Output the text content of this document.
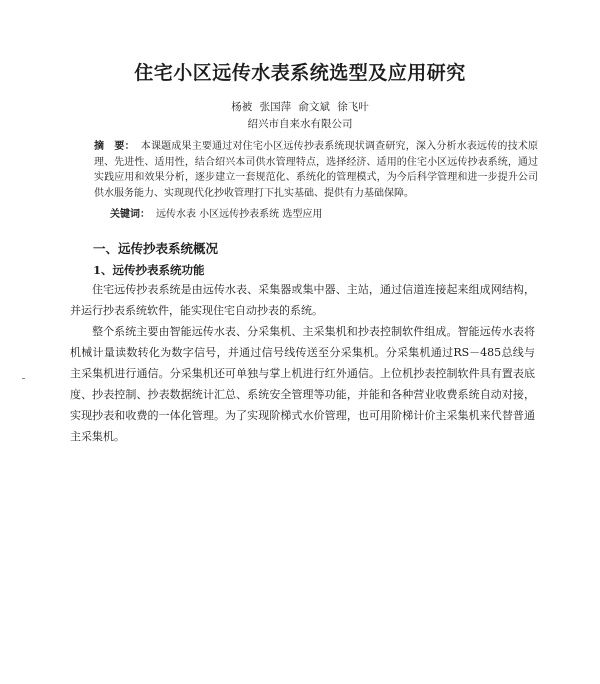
住宅小区远传水表系统选型及应用研究
杨被 张国萍 俞文斌 徐飞叶
绍兴市自来水有限公司

摘　要： 本课题成果主要通过对住宅小区远传抄表系统现状调查研究，深入分析水表远传的技术原理、先进性、适用性，结合绍兴本司供水管理特点，选择经济、适用的住宅小区远传抄表系统，通过实践应用和效果分析，逐步建立一套规范化、系统化的管理模式，为今后科学管理和进一步提升公司供水服务能力、实现现代化抄收管理打下扎实基础、提供有力基础保障。

关键词： 远传水表 小区远传抄表系统 选型应用

一、远传抄表系统概况
1、远传抄表系统功能

住宅远传抄表系统是由远传水表、采集器或集中器、主站，通过信道连接起来组成网结构，并运行抄表系统软件，能实现住宅自动抄表的系统。

整个系统主要由智能远传水表、分采集机、主采集机和抄表控制软件组成。智能远传水表将机械计量读数转化为数字信号，并通过信号线传送至分采集机。分采集机通过RS－485总线与主采集机进行通信。分采集机还可单独与掌上机进行红外通信。上位机抄表控制软件具有置表底度、抄表控制、抄表数据统计汇总、系统安全管理等功能，并能和各种营业收费系统自动对接，实现抄表和收费的一体化管理。为了实现阶梯式水价管理，也可用阶梯计价主采集机来代替普通主采集机。
